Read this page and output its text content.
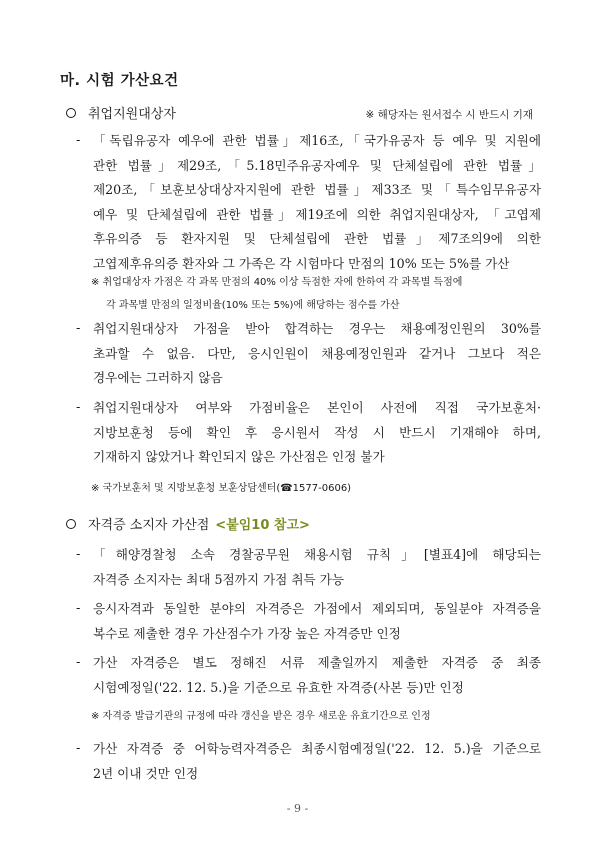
마. 시험 가산요건
취업지원대상자	※ 해당자는 원서접수 시 반드시 기재
- 「독립유공자 예우에 관한 법률」제16조,「국가유공자 등 예우 및 지원에
관한 법률」제29조,「5.18민주유공자예우 및 단체설립에 관한 법률」
제20조,「보훈보상대상자지원에 관한 법률」제33조 및「특수임무유공자
예우 및 단체설립에 관한 법률」제19조에 의한 취업지원대상자, 「고엽제
후유의증 등 환자지원 및 단체설립에 관한 법률」제7조의9에 의한
고엽제후유의증 환자와 그 가족은 각 시험마다 만점의 10% 또는 5%를 가산
※ 취업대상자 가점은 각 과목 만점의 40% 이상 득점한 자에 한하여 각 과목별 득점에
각 과목별 만점의 일정비율(10% 또는 5%)에 해당하는 점수를 가산
- 취업지원대상자 가점을 받아 합격하는 경우는 채용예정인원의 30%를
초과할 수 없음. 다만, 응시인원이 채용예정인원과 같거나 그보다 적은
경우에는 그러하지 않음
- 취업지원대상자 여부와 가점비율은 본인이 사전에 직접 국가보훈처·
지방보훈청 등에 확인 후 응시원서 작성 시 반드시 기재해야 하며,
기재하지 않았거나 확인되지 않은 가산점은 인정 불가
※ 국가보훈처 및 지방보훈청 보훈상담센터(☎1577-0606)
자격증 소지자 가산점 <붙임10 참고>
- 「해양경찰청 소속 경찰공무원 채용시험 규칙」[별표4]에 해당되는
자격증 소지자는 최대 5점까지 가점 취득 가능
- 응시자격과 동일한 분야의 자격증은 가점에서 제외되며, 동일분야 자격증을
복수로 제출한 경우 가산점수가 가장 높은 자격증만 인정
- 가산 자격증은 별도 정해진 서류 제출일까지 제출한 자격증 중 최종
시험예정일('22. 12. 5.)을 기준으로 유효한 자격증(사본 등)만 인정
※ 자격증 발급기관의 규정에 따라 갱신을 받은 경우 새로운 유효기간으로 인정
- 가산 자격증 중 어학능력자격증은 최종시험예정일('22. 12. 5.)을 기준으로
2년 이내 것만 인정
- 9 -
